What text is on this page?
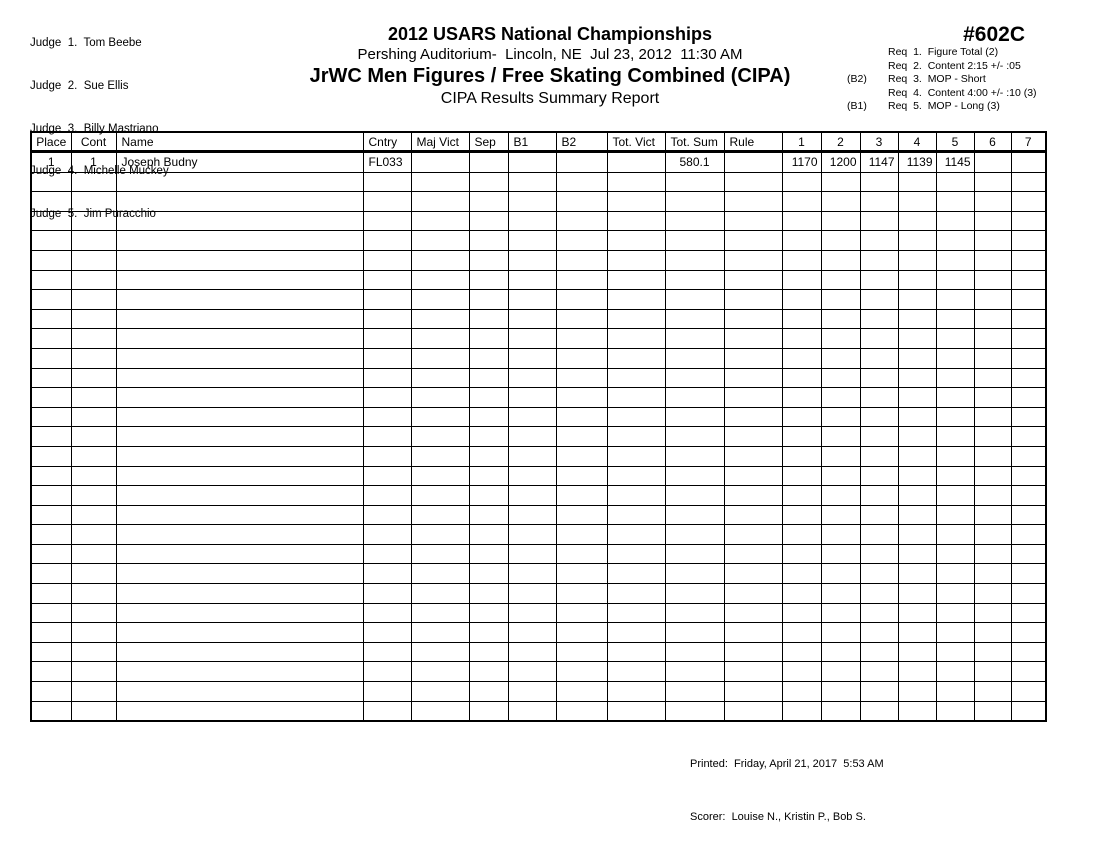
Judge  1.  Tom Beebe

Judge  2.  Sue Ellis

Judge  3.  Billy Mastriano

Judge  4.  Michelle Muckey

Judge  5.  Jim Puracchio

2012 USARS National Championships
Pershing Auditorium-  Lincoln, NE  Jul 23, 2012  11:30 AM
JrWC Men Figures / Free Skating Combined (CIPA)
CIPA Results Summary Report
#602C
Req  1.  Figure Total (2)
Req  2.  Content 2:15 +/- :05
(B2)	Req  3.  MOP - Short
Req  4.  Content 4:00 +/- :10 (3)
(B1)	Req  5.  MOP - Long (3)
Place	Cont	Name	Cntry	Maj Vict	Sep	B1	B2	Tot. Vict	Tot. Sum	Rule	1	2	3	4	5	6	7
1	1	Joseph Budny	FL033						580.1		1170	1200	1147	1139	1145		

Printed:  Friday, April 21, 2017  5:53 AM

Scorer:  Louise N., Kristin P., Bob S.
